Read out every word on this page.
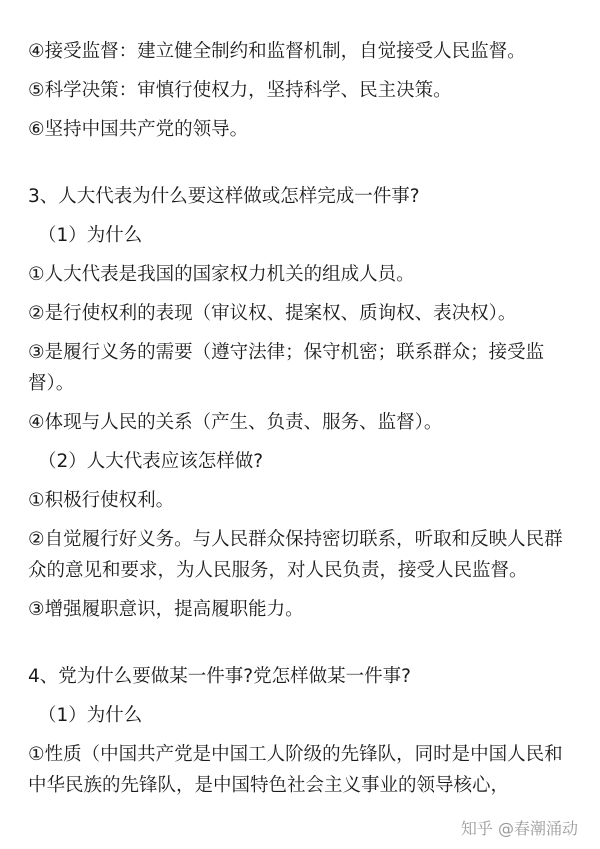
④接受监督：建立健全制约和监督机制，自觉接受人民监督。

⑤科学决策：审慎行使权力，坚持科学、民主决策。

⑥坚持中国共产党的领导。

3、人大代表为什么要这样做或怎样完成一件事?

（1）为什么

①人大代表是我国的国家权力机关的组成人员。

②是行使权利的表现（审议权、提案权、质询权、表决权）。

③是履行义务的需要（遵守法律；保守机密；联系群众；接受监督）。

④体现与人民的关系（产生、负责、服务、监督）。

（2）人大代表应该怎样做?

①积极行使权利。

②自觉履行好义务。与人民群众保持密切联系，听取和反映人民群众的意见和要求，为人民服务，对人民负责，接受人民监督。

③增强履职意识，提高履职能力。

4、党为什么要做某一件事?党怎样做某一件事?

（1）为什么

①性质（中国共产党是中国工人阶级的先锋队，同时是中国人民和中华民族的先锋队，是中国特色社会主义事业的领导核心，

知乎 @春潮涌动
